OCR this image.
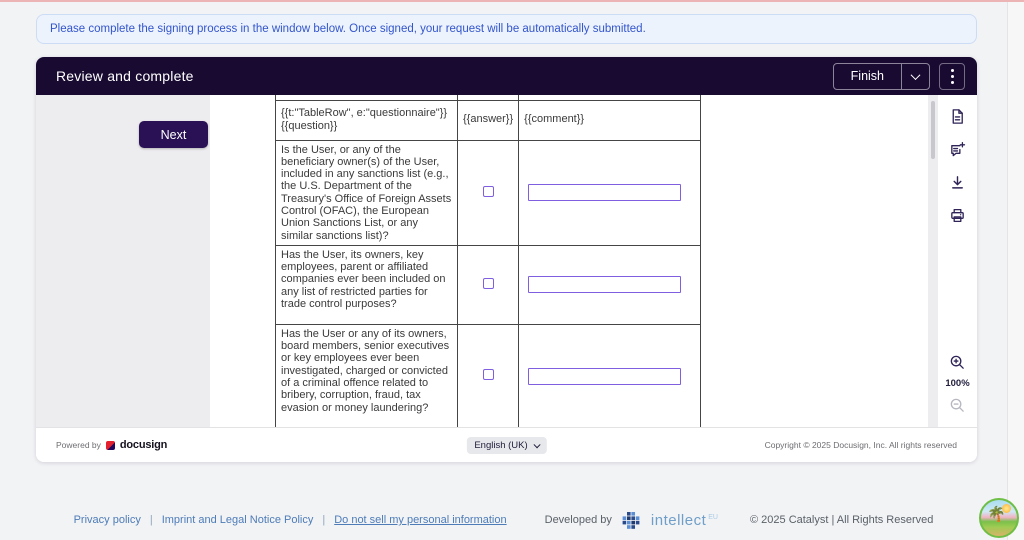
Please complete the signing process in the window below. Once signed, your request will be automatically submitted.
Review and complete	Finish
Next

{{t:"TableRow", e:"questionnaire"}}
{{question}}	{{answer}}	{{comment}}
Is the User, or any of the beneficiary owner(s) of the User, included in any sanctions list (e.g., the U.S. Department of the Treasury's Office of Foreign Assets Control (OFAC), the European Union Sanctions List, or any similar sanctions list)?		
Has the User, its owners, key employees, parent or affiliated companies ever been included on any list of restricted parties for trade control purposes?		
Has the User or any of its owners, board members, senior executives or key employees ever been investigated, charged or convicted of a criminal offence related to bribery, corruption, fraud, tax evasion or money laundering?		
100%
Powered by docusign	English (UK)	Copyright © 2025 Docusign, Inc. All rights reserved
Privacy policy | Imprint and Legal Notice Policy | Do not sell my personal information	Developed by	intellect EU	© 2025 Catalyst | All Rights Reserved	🌴
